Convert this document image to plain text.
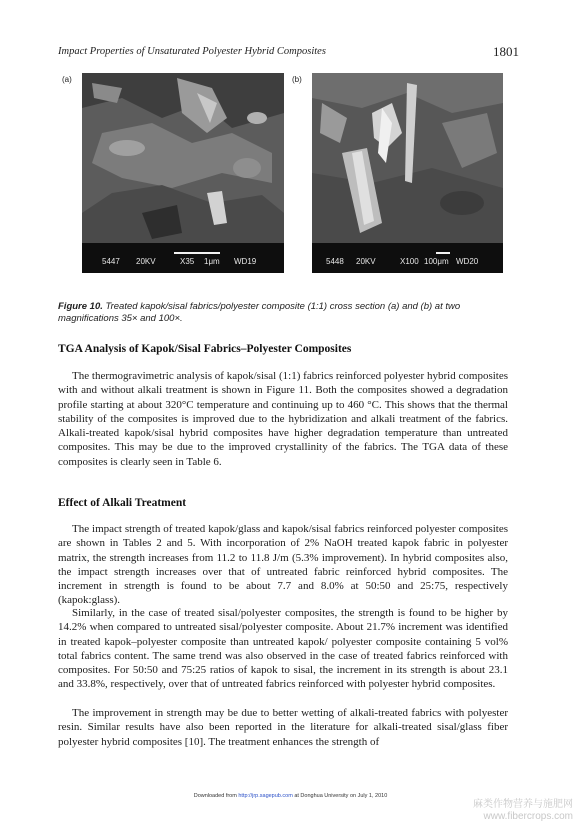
Impact Properties of Unsaturated Polyester Hybrid Composites	1801
(a)
5447 20KV	X35 1μm WD19
(b)
5448 20KV	X100 100μm WD20
Figure 10. Treated kapok/sisal fabrics/polyester composite (1:1) cross section (a) and (b) at two magnifications 35× and 100×.
TGA Analysis of Kapok/Sisal Fabrics–Polyester Composites

The thermogravimetric analysis of kapok/sisal (1:1) fabrics reinforced polyester hybrid composites with and without alkali treatment is shown in Figure 11. Both the composites showed a degradation profile starting at about 320°C temperature and continuing up to 460 °C. This shows that the thermal stability of the composites is improved due to the hybridization and alkali treatment of the fabrics. Alkali-treated kapok/sisal hybrid composites have higher degradation temperature than untreated composites. This may be due to the improved crystallinity of the fabrics. The TGA data of these composites is clearly seen in Table 6.

Effect of Alkali Treatment

The impact strength of treated kapok/glass and kapok/sisal fabrics reinforced polyester composites are shown in Tables 2 and 5. With incorporation of 2% NaOH treated kapok fabric in polyester matrix, the strength increases from 11.2 to 11.8 J/m (5.3% improvement). In hybrid composites also, the impact strength increases over that of untreated fabric reinforced hybrid composites. The increment in strength is found to be about 7.7 and 8.0% at 50:50 and 25:75, respectively (kapok:glass).

Similarly, in the case of treated sisal/polyester composites, the strength is found to be higher by 14.2% when compared to untreated sisal/polyester composite. About 21.7% increment was identified in treated kapok–polyester composite than untreated kapok/ polyester composite containing 5 vol% total fabrics content. The same trend was also observed in the case of treated fabrics reinforced with composites. For 50:50 and 75:25 ratios of kapok to sisal, the increment in its strength is about 23.1 and 33.8%, respectively, over that of untreated fabrics reinforced with polyester hybrid composites.

The improvement in strength may be due to better wetting of alkali-treated fabrics with polyester resin. Similar results have also been reported in the literature for alkali-treated sisal/glass fiber polyester hybrid composites [10]. The treatment enhances the strength of

Downloaded from http://jrp.sagepub.com at Donghua University on July 1, 2010
麻类作物营养与施肥网
www.fibercrops.com
